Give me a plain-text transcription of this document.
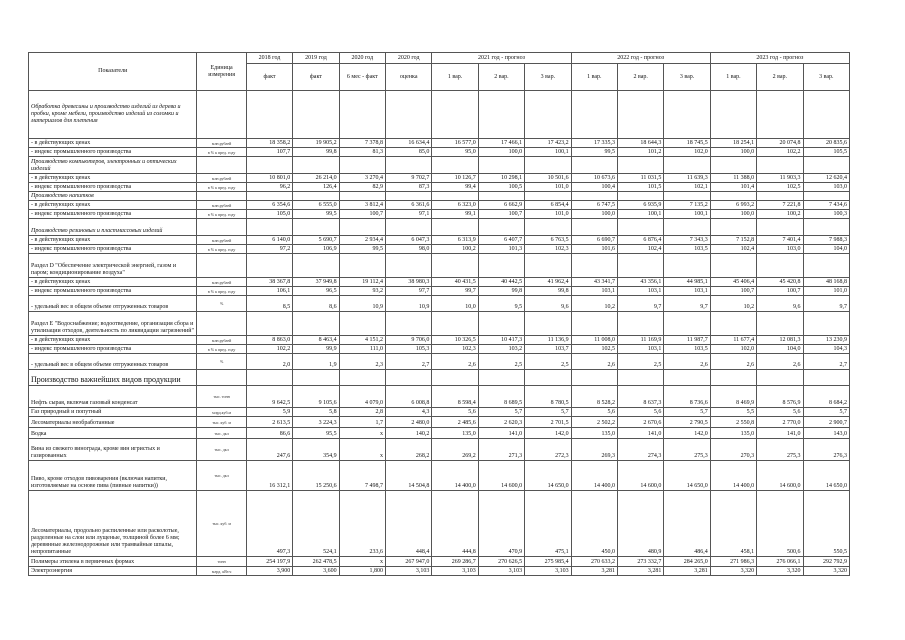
Показатели	Единица измерения	2018 год	2019 год	2020 год	2020 год	2021 год - прогноз			2022 год - прогноз			2023 год - прогноз		
		факт	факт	6 мес - факт	оценка	1 вар.	2 вар.	3 вар.	1 вар.	2 вар.	3 вар.	1 вар.	2 вар.	3 вар.
Обработка древесины и производство изделий из дерева и пробки, кроме мебели, производство изделий из соломки и материалов для плетения														
- в действующих ценах	млн.рублей	18 358,2	19 905,2	7 378,8	16 634,4	16 577,0	17 466,1	17 423,2	17 335,3	18 644,3	18 745,5	18 254,1	20 074,8	20 835,6
- индекс промышленного производства	в % к пред. году	107,7	99,8	81,3	85,0	95,0	100,0	100,1	99,5	101,2	102,0	100,0	102,2	105,5
Производство компьютеров, электронных и оптических изделий														
- в действующих ценах	млн.рублей	10 801,0	26 214,0	3 270,4	9 702,7	10 126,7	10 298,1	10 501,6	10 673,6	11 031,5	11 639,3	11 388,0	11 903,3	12 620,4
- индекс промышленного производства	в % к пред. году	96,2	126,4	82,9	87,3	99,4	100,5	101,0	100,4	101,5	102,1	101,4	102,5	103,0
Производство напитков														
- в действующих ценах	млн.рублей	6 354,6	6 555,0	3 812,4	6 361,6	6 323,0	6 662,9	6 854,4	6 747,5	6 935,9	7 135,2	6 993,2	7 221,8	7 434,6
- индекс промышленного производства	в % к пред. году	105,0	99,5	100,7	97,1	99,1	100,7	101,0	100,0	100,1	100,1	100,0	100,2	100,3
Производство резиновых и пластмассовых изделий														
- в действующих ценах	млн.рублей	6 140,0	5 690,7	2 934,4	6 047,3	6 313,9	6 407,7	6 763,5	6 690,7	6 876,4	7 343,3	7 152,8	7 401,4	7 988,3
- индекс промышленного производства	в % к пред. году	97,2	106,9	99,5	98,0	100,2	101,3	102,3	101,6	102,4	103,5	102,4	103,0	104,0
Раздел D "Обеспечение электрической энергией, газом и паром; кондиционирование воздуха"														
- в действующих ценах	млн.рублей	38 367,8	37 949,8	19 112,4	38 980,3	40 431,5	40 442,5	41 962,4	43 341,7	43 356,1	44 985,1	45 406,4	45 420,8	48 168,8
- индекс промышленного производства	в % к пред. году	106,1	96,5	93,2	97,7	99,7	99,8	99,8	103,1	103,1	103,1	100,7	100,7	101,0
- удельный вес в общем объеме отгруженных товаров	%	8,5	8,6	10,9	10,9	10,0	9,5	9,6	10,2	9,7	9,7	10,2	9,6	9,7
Раздел E "Водоснабжение; водоотведение, организация сбора и утилизации отходов, деятельность по ликвидации загрязнений"														
- в действующих ценах	млн.рублей	8 863,0	8 463,4	4 151,2	9 706,0	10 326,5	10 417,3	11 136,9	11 008,0	11 169,9	11 987,7	11 677,4	12 081,3	13 230,9
- индекс промышленного производства	в % к пред. году	102,2	99,9	111,0	105,3	102,3	103,2	103,7	102,5	103,1	103,5	102,0	104,0	104,3
- удельный вес в общем объеме отгруженных товаров	%	2,0	1,9	2,3	2,7	2,6	2,5	2,5	2,6	2,5	2,6	2,6	2,6	2,7
Производство важнейших видов продукции														
Нефть сырая, включая газовый конденсат	тыс. тонн	9 642,5	9 105,6	4 079,0	6 008,8	8 598,4	8 689,5	8 780,5	8 528,2	8 637,3	8 736,6	8 469,9	8 576,9	8 684,2
Газ природный и попутный	млрд.куб.м	5,9	5,8	2,8	4,3	5,6	5,7	5,7	5,6	5,6	5,7	5,5	5,6	5,7
Лесоматериалы необработанные	тыс. куб. м	2 613,5	3 224,3	1,7	2 480,0	2 485,6	2 620,3	2 701,5	2 502,2	2 670,6	2 790,5	2 550,8	2 770,0	2 900,7
Водка	тыс. дкл	86,6	95,5	х	140,2	135,0	141,0	142,0	135,0	141,0	142,0	135,0	141,0	143,0
Вина из свежего винограда, кроме вин игристых и газированных	тыс. дкл	247,6	354,9	х	268,2	269,2	271,3	272,3	269,3	274,3	275,3	270,3	275,3	276,3
Пиво, кроме отходов пивоварения (включая напитки, изготовляемые на основе пива (пивные напитки))	тыс. дкл	16 312,1	15 250,6	7 498,7	14 504,8	14 400,0	14 600,0	14 650,0	14 400,0	14 600,0	14 650,0	14 400,0	14 600,0	14 650,0
Лесоматериалы, продольно распиленные или расколотые, разделенные на слои или лущеные, толщиной более 6 мм; деревянные железнодорожные или трамвайные шпалы, непропитанные	тыс. куб. м	497,3	524,1	233,6	448,4	444,8	470,9	475,1	450,0	480,9	486,4	458,1	500,6	550,5
Полимеры этилена в первичных формах	тонн	254 197,9	262 478,5	х	267 947,0	269 286,7	270 626,5	275 985,4	270 633,2	273 332,7	284 265,0	271 986,3	276 066,1	292 792,9
Электроэнергия	млрд. кВт.ч	3,900	3,600	1,800	3,103	3,103	3,103	3,103	3,281	3,281	3,281	3,320	3,320	3,320
